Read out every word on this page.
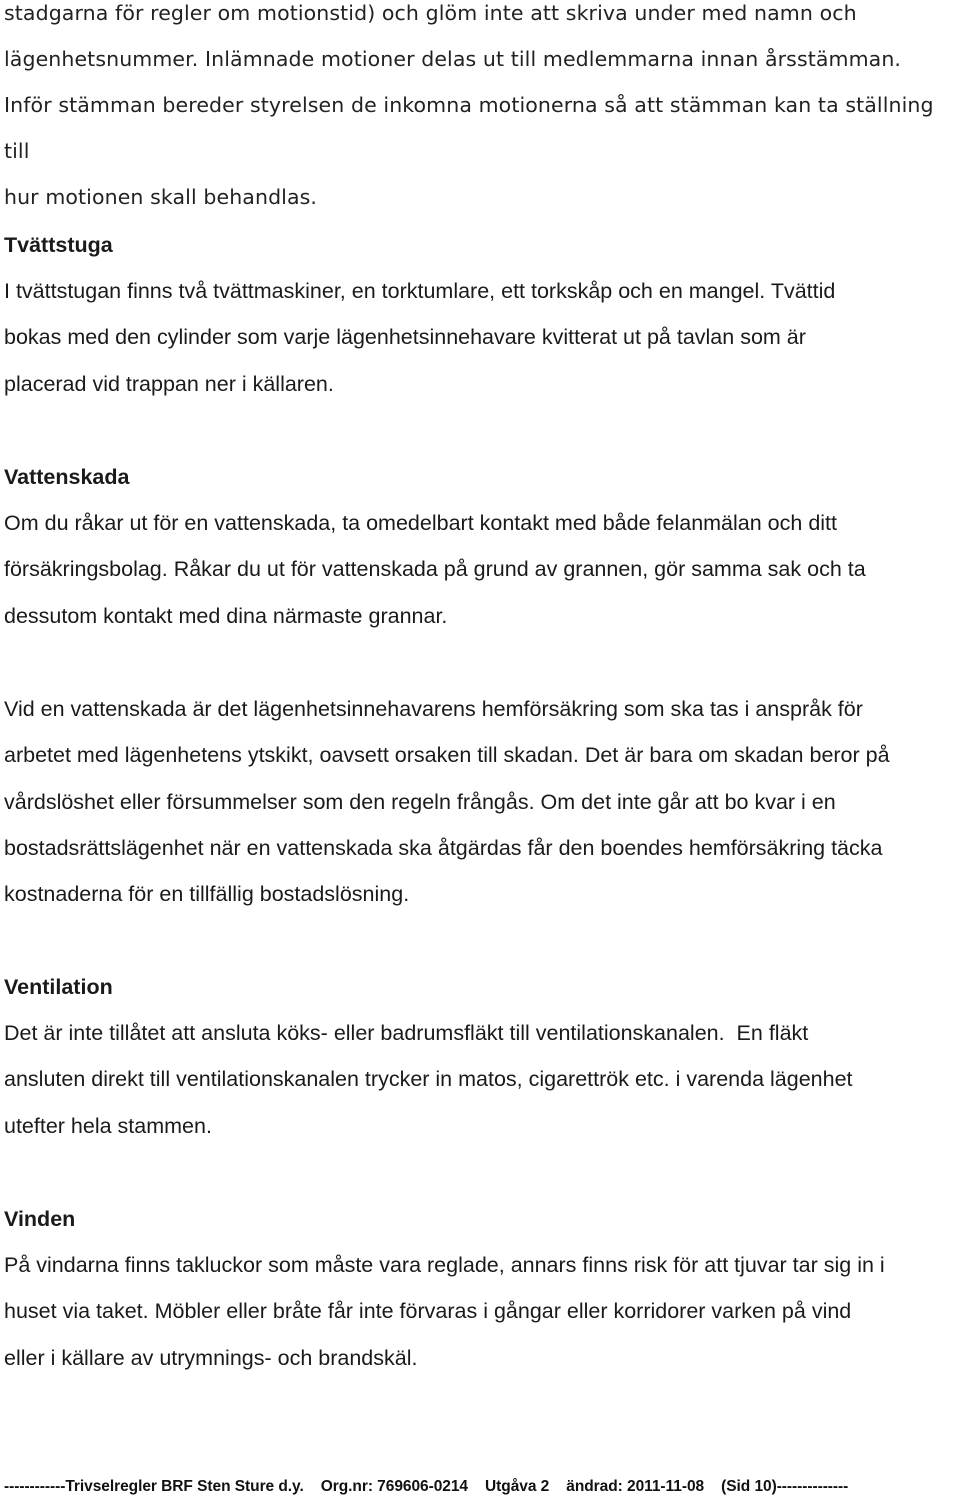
stadgarna för regler om motionstid) och glöm inte att skriva under med namn och
lägenhetsnummer. Inlämnade motioner delas ut till medlemmarna innan årsstämman.
Inför stämman bereder styrelsen de inkomna motionerna så att stämman kan ta ställning till
hur motionen skall behandlas.

Tvättstuga

I tvättstugan finns två tvättmaskiner, en torktumlare, ett torkskåp och en mangel. Tvättid
bokas med den cylinder som varje lägenhetsinnehavare kvitterat ut på tavlan som är
placerad vid trappan ner i källaren.

Vattenskada

Om du råkar ut för en vattenskada, ta omedelbart kontakt med både felanmälan och ditt
försäkringsbolag. Råkar du ut för vattenskada på grund av grannen, gör samma sak och ta
dessutom kontakt med dina närmaste grannar.

Vid en vattenskada är det lägenhetsinnehavarens hemförsäkring som ska tas i anspråk för
arbetet med lägenhetens ytskikt, oavsett orsaken till skadan. Det är bara om skadan beror på
vårdslöshet eller försummelser som den regeln frångås. Om det inte går att bo kvar i en
bostadsrättslägenhet när en vattenskada ska åtgärdas får den boendes hemförsäkring täcka
kostnaderna för en tillfällig bostadslösning.

Ventilation

Det är inte tillåtet att ansluta köks- eller badrumsfläkt till ventilationskanalen.  En fläkt
ansluten direkt till ventilationskanalen trycker in matos, cigarettrök etc. i varenda lägenhet
utefter hela stammen.

Vinden

På vindarna finns takluckor som måste vara reglade, annars finns risk för att tjuvar tar sig in i
huset via taket. Möbler eller bråte får inte förvaras i gångar eller korridorer varken på vind
eller i källare av utrymnings- och brandskäl.

------------Trivselregler BRF Sten Sture d.y.    Org.nr: 769606-0214    Utgåva 2    ändrad: 2011-11-08    (Sid 10)--------------
